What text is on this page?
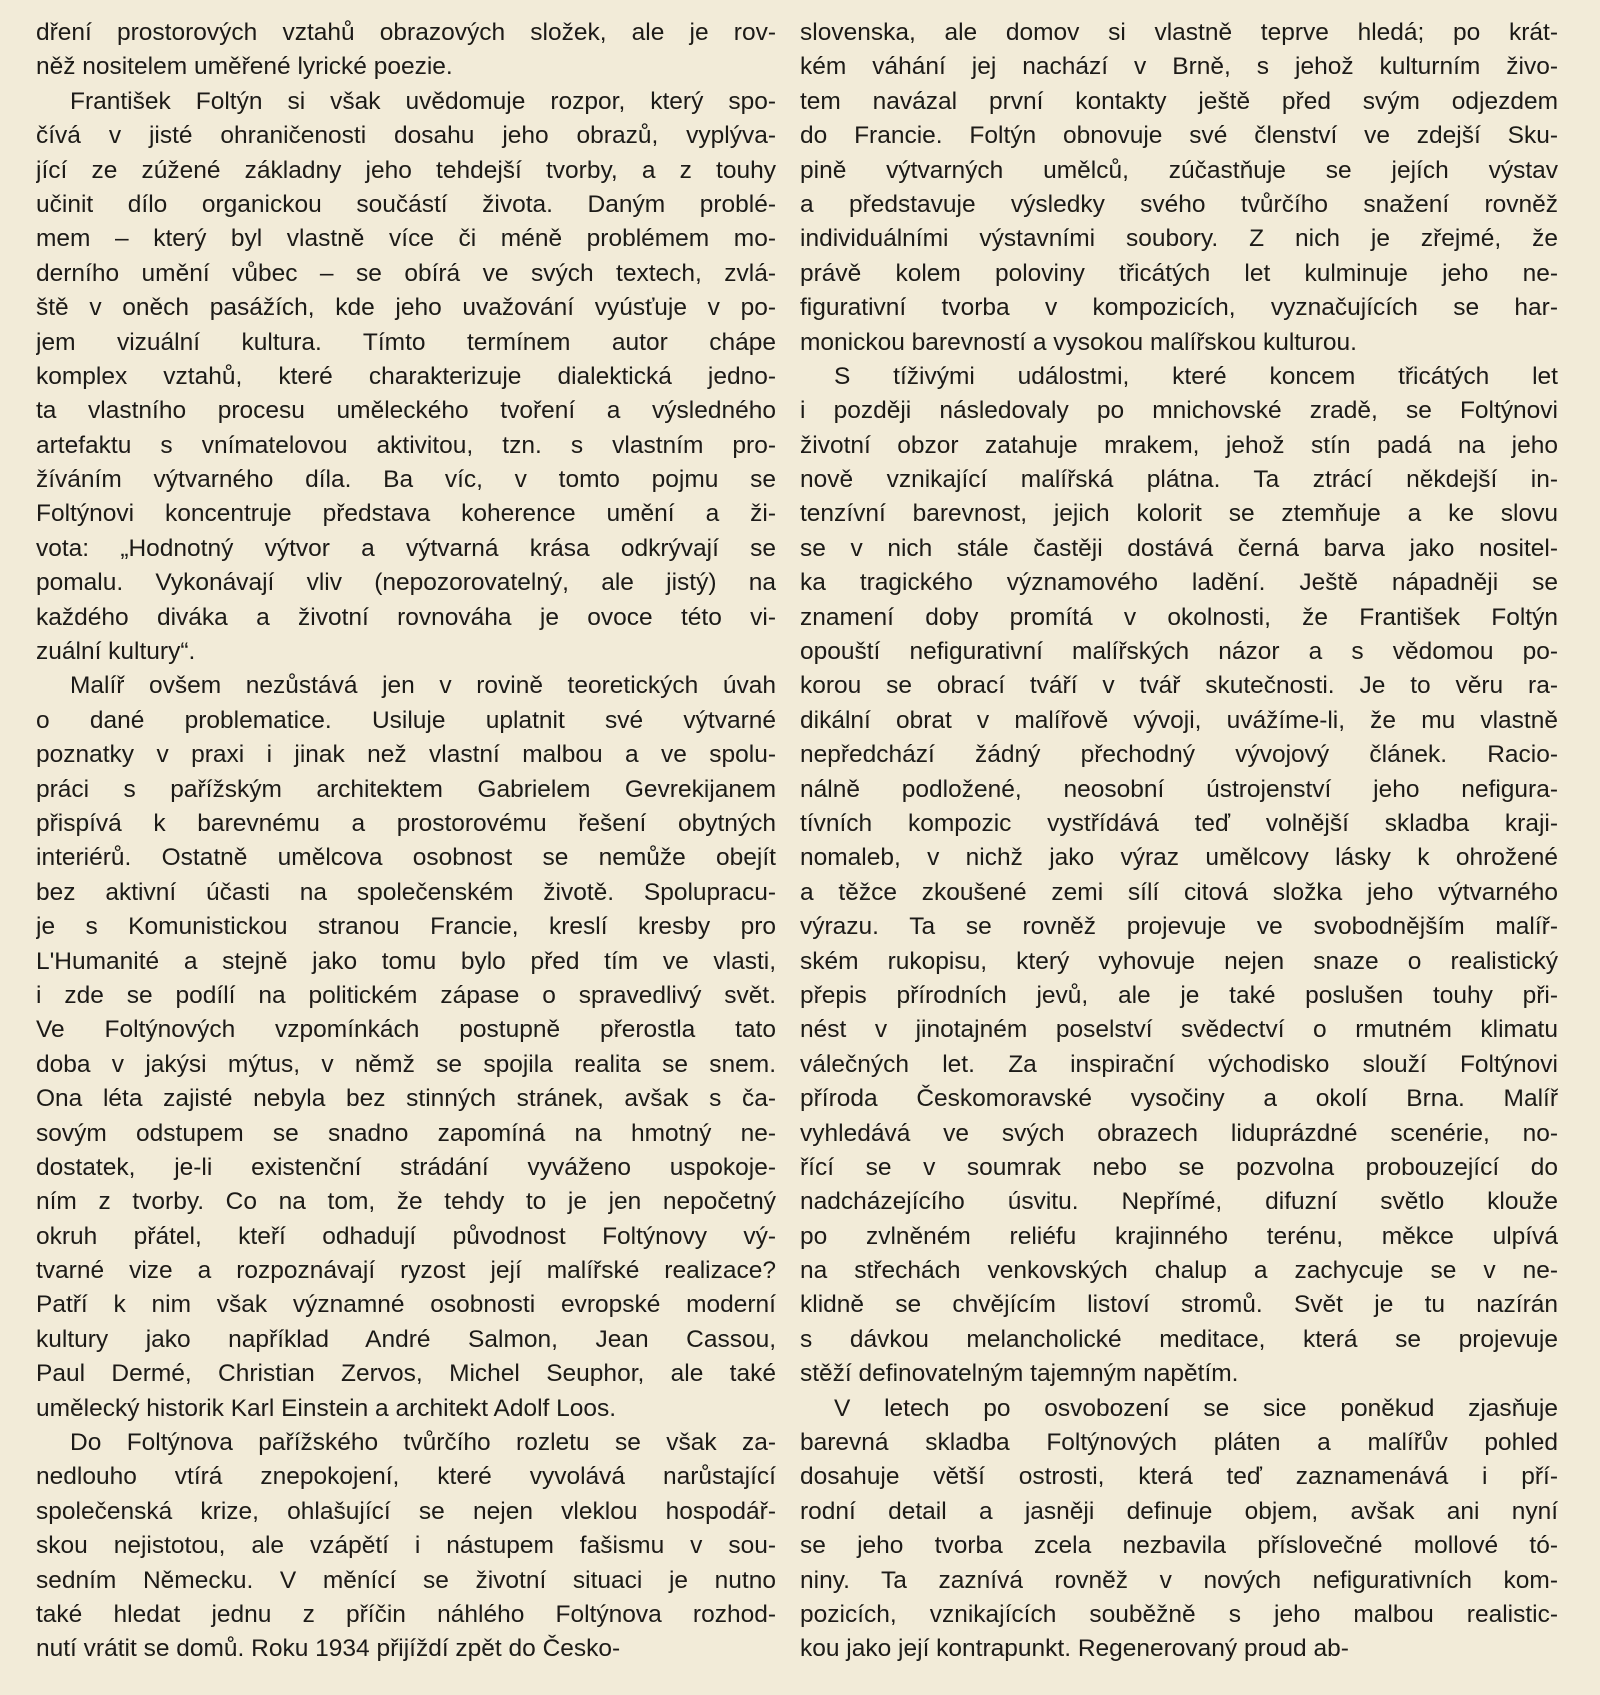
dření prostorových vztahů obrazových složek, ale je rov-
něž nositelem uměřené lyrické poezie.
František Foltýn si však uvědomuje rozpor, který spo-
čívá v jisté ohraničenosti dosahu jeho obrazů, vyplýva-
jící ze zúžené základny jeho tehdejší tvorby, a z touhy
učinit dílo organickou součástí života. Daným problé-
mem – který byl vlastně více či méně problémem mo-
derního umění vůbec – se obírá ve svých textech, zvlá-
ště v oněch pasážích, kde jeho uvažování vyúsťuje v po-
jem vizuální kultura. Tímto termínem autor chápe
komplex vztahů, které charakterizuje dialektická jedno-
ta vlastního procesu uměleckého tvoření a výsledného
artefaktu s vnímatelovou aktivitou, tzn. s vlastním pro-
žíváním výtvarného díla. Ba víc, v tomto pojmu se
Foltýnovi koncentruje představa koherence umění a ži-
vota: „Hodnotný výtvor a výtvarná krása odkrývají se
pomalu. Vykonávají vliv (nepozorovatelný, ale jistý) na
každého diváka a životní rovnováha je ovoce této vi-
zuální kultury“.
Malíř ovšem nezůstává jen v rovině teoretických úvah
o dané problematice. Usiluje uplatnit své výtvarné
poznatky v praxi i jinak než vlastní malbou a ve spolu-
práci s pařížským architektem Gabrielem Gevrekijanem
přispívá k barevnému a prostorovému řešení obytných
interiérů. Ostatně umělcova osobnost se nemůže obejít
bez aktivní účasti na společenském životě. Spolupracu-
je s Komunistickou stranou Francie, kreslí kresby pro
L'Humanité a stejně jako tomu bylo před tím ve vlasti,
i zde se podílí na politickém zápase o spravedlivý svět.
Ve Foltýnových vzpomínkách postupně přerostla tato
doba v jakýsi mýtus, v němž se spojila realita se snem.
Ona léta zajisté nebyla bez stinných stránek, avšak s ča-
sovým odstupem se snadno zapomíná na hmotný ne-
dostatek, je-li existenční strádání vyváženo uspokoje-
ním z tvorby. Co na tom, že tehdy to je jen nepočetný
okruh přátel, kteří odhadují původnost Foltýnovy vý-
tvarné vize a rozpoznávají ryzost její malířské realizace?
Patří k nim však významné osobnosti evropské moderní
kultury jako například André Salmon, Jean Cassou,
Paul Dermé, Christian Zervos, Michel Seuphor, ale také
umělecký historik Karl Einstein a architekt Adolf Loos.
Do Foltýnova pařížského tvůrčího rozletu se však za-
nedlouho vtírá znepokojení, které vyvolává narůstající
společenská krize, ohlašující se nejen vleklou hospodář-
skou nejistotou, ale vzápětí i nástupem fašismu v sou-
sedním Německu. V měnící se životní situaci je nutno
také hledat jednu z příčin náhlého Foltýnova rozhod-
nutí vrátit se domů. Roku 1934 přijíždí zpět do Česko-
slovenska, ale domov si vlastně teprve hledá; po krát-
kém váhání jej nachází v Brně, s jehož kulturním živo-
tem navázal první kontakty ještě před svým odjezdem
do Francie. Foltýn obnovuje své členství ve zdejší Sku-
pině výtvarných umělců, zúčastňuje se jejích výstav
a představuje výsledky svého tvůrčího snažení rovněž
individuálními výstavními soubory. Z nich je zřejmé, že
právě kolem poloviny třicátých let kulminuje jeho ne-
figurativní tvorba v kompozicích, vyznačujících se har-
monickou barevností a vysokou malířskou kulturou.
S tíživými událostmi, které koncem třicátých let
i později následovaly po mnichovské zradě, se Foltýnovi
životní obzor zatahuje mrakem, jehož stín padá na jeho
nově vznikající malířská plátna. Ta ztrácí někdejší in-
tenzívní barevnost, jejich kolorit se ztemňuje a ke slovu
se v nich stále častěji dostává černá barva jako nositel-
ka tragického významového ladění. Ještě nápadněji se
znamení doby promítá v okolnosti, že František Foltýn
opouští nefigurativní malířských názor a s vědomou po-
korou se obrací tváří v tvář skutečnosti. Je to věru ra-
dikální obrat v malířově vývoji, uvážíme-li, že mu vlastně
nepředchází žádný přechodný vývojový článek. Racio-
nálně podložené, neosobní ústrojenství jeho nefigura-
tívních kompozic vystřídává teď volnější skladba kraji-
nomaleb, v nichž jako výraz umělcovy lásky k ohrožené
a těžce zkoušené zemi sílí citová složka jeho výtvarného
výrazu. Ta se rovněž projevuje ve svobodnějším malíř-
ském rukopisu, který vyhovuje nejen snaze o realistický
přepis přírodních jevů, ale je také poslušen touhy při-
nést v jinotajném poselství svědectví o rmutném klimatu
válečných let. Za inspirační východisko slouží Foltýnovi
příroda Českomoravské vysočiny a okolí Brna. Malíř
vyhledává ve svých obrazech liduprázdné scenérie, no-
řící se v soumrak nebo se pozvolna probouzející do
nadcházejícího úsvitu. Nepřímé, difuzní světlo klouže
po zvlněném reliéfu krajinného terénu, měkce ulpívá
na střechách venkovských chalup a zachycuje se v ne-
klidně se chvějícím listoví stromů. Svět je tu nazírán
s dávkou melancholické meditace, která se projevuje
stěží definovatelným tajemným napětím.
V letech po osvobození se sice poněkud zjasňuje
barevná skladba Foltýnových pláten a malířův pohled
dosahuje větší ostrosti, která teď zaznamenává i pří-
rodní detail a jasněji definuje objem, avšak ani nyní
se jeho tvorba zcela nezbavila příslovečné mollové tó-
niny. Ta zaznívá rovněž v nových nefigurativních kom-
pozicích, vznikajících souběžně s jeho malbou realistic-
kou jako její kontrapunkt. Regenerovaný proud ab-
